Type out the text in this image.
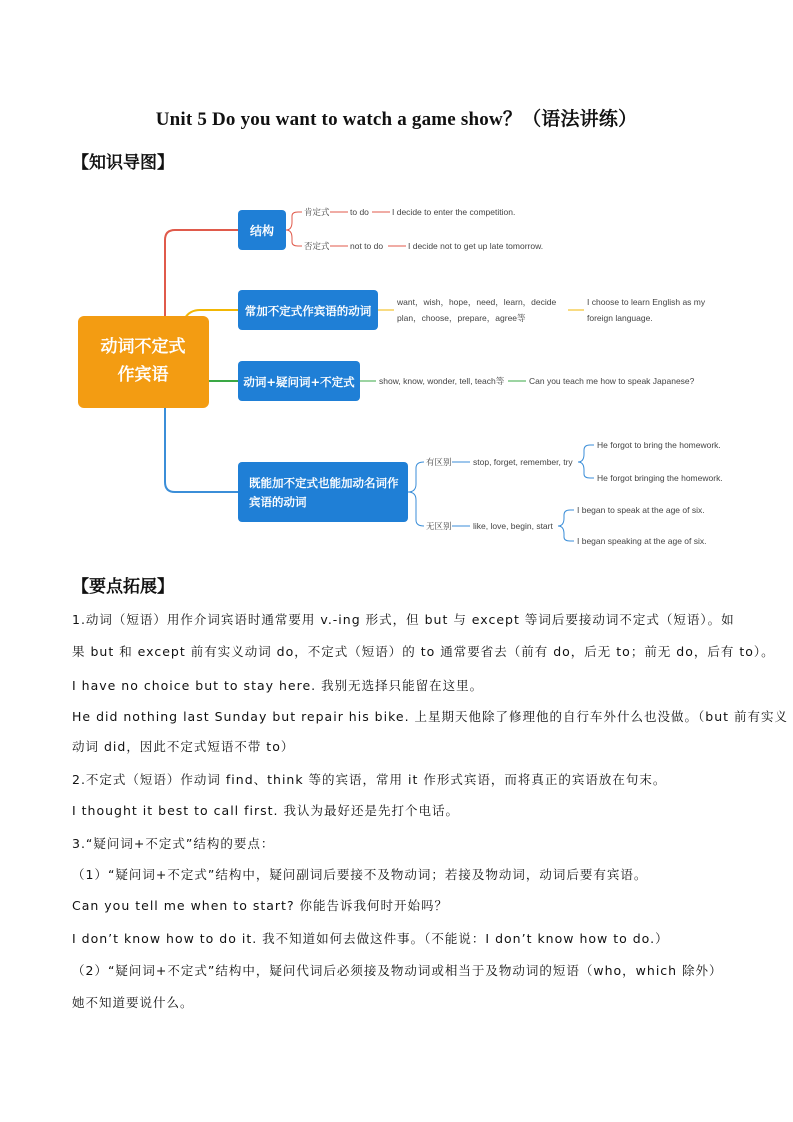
Unit 5 Do you want to watch a game show？（语法讲练）
【知识导图】
动词不定式
作宾语
结构
肯定式 to do	I decide to enter the competition.
否定式 not to do	I decide not to get up late tomorrow.
常加不定式作宾语的动词
want，wish，hope，need，learn，decide
plan，choose，prepare，agree等
I choose to learn English as my
foreign language.
动词+疑问词+不定式	show, know, wonder, tell, teach等	Can you teach me how to speak Japanese?
既能加不定式也能加动名词作
宾语的动词
有区别	stop, forget, remember, try
He forgot to bring the homework.
He forgot bringing the homework.
无区别	like, love, begin, start
I began to speak at the age of six.
I began speaking at the age of six.
【要点拓展】
1.动词（短语）用作介词宾语时通常要用 v.-ing 形式，但 but 与 except 等词后要接动词不定式（短语）。如
果 but 和 except 前有实义动词 do，不定式（短语）的 to 通常要省去（前有 do，后无 to；前无 do，后有 to）。
I have no choice but to stay here. 我别无选择只能留在这里。
He did nothing last Sunday but repair his bike. 上星期天他除了修理他的自行车外什么也没做。（but 前有实义
动词 did，因此不定式短语不带 to）
2.不定式（短语）作动词 find、think 等的宾语，常用 it 作形式宾语，而将真正的宾语放在句末。
I thought it best to call first. 我认为最好还是先打个电话。
3.“疑问词+不定式”结构的要点：
（1）“疑问词+不定式”结构中，疑问副词后要接不及物动词；若接及物动词，动词后要有宾语。
Can you tell me when to start? 你能告诉我何时开始吗？
I don’t know how to do it. 我不知道如何去做这件事。（不能说：I don’t know how to do.）
（2）“疑问词+不定式”结构中，疑问代词后必须接及物动词或相当于及物动词的短语（who，which 除外）
她不知道要说什么。
